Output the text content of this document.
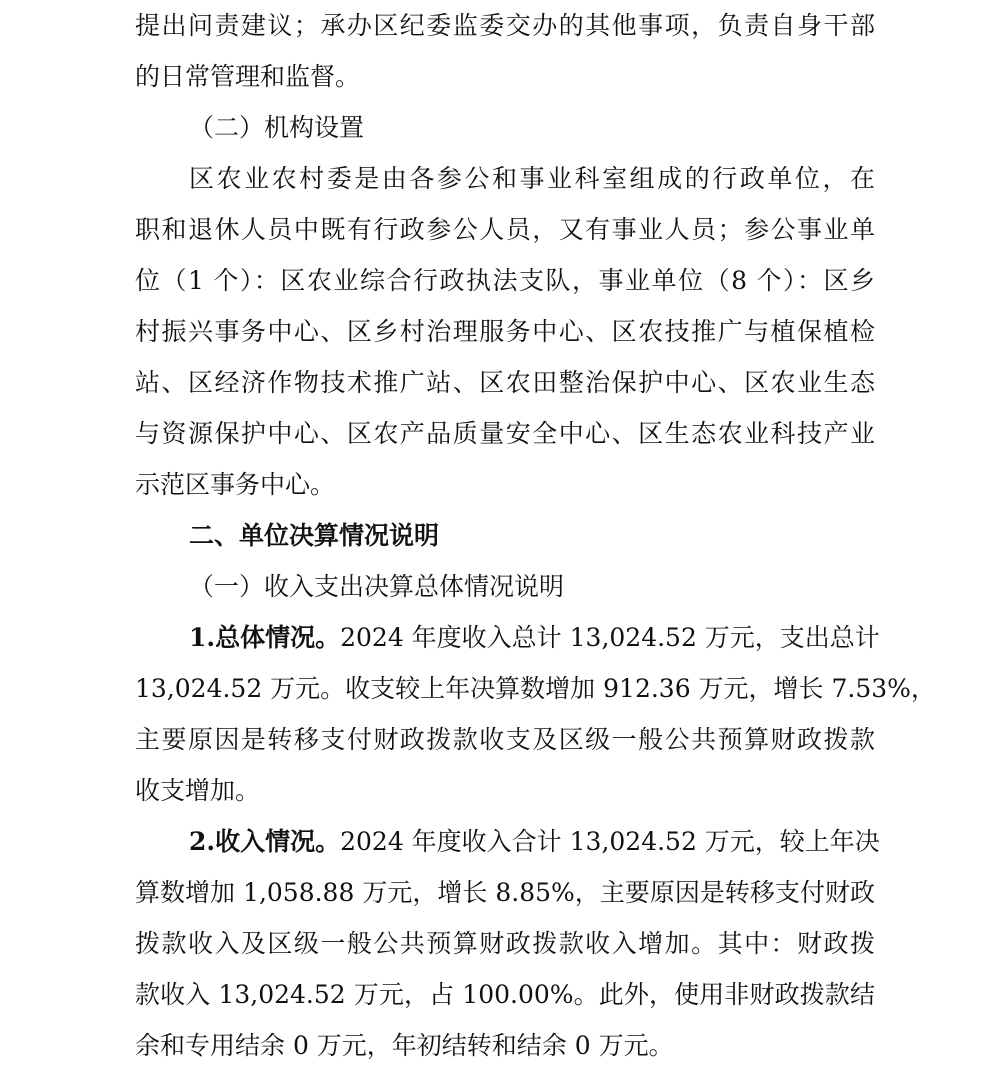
提出问责建议；承办区纪委监委交办的其他事项，负责自身干部
的日常管理和监督。
（二）机构设置
区农业农村委是由各参公和事业科室组成的行政单位，在
职和退休人员中既有行政参公人员，又有事业人员；参公事业单
位（1 个）：区农业综合行政执法支队，事业单位（8 个）：区乡
村振兴事务中心、区乡村治理服务中心、区农技推广与植保植检
站、区经济作物技术推广站、区农田整治保护中心、区农业生态
与资源保护中心、区农产品质量安全中心、区生态农业科技产业
示范区事务中心。
二、单位决算情况说明
（一）收入支出决算总体情况说明
1.总体情况。2024 年度收入总计 13,024.52 万元，支出总计
13,024.52 万元。收支较上年决算数增加 912.36 万元，增长 7.53%，
主要原因是转移支付财政拨款收支及区级一般公共预算财政拨款
收支增加。
2.收入情况。2024 年度收入合计 13,024.52 万元，较上年决
算数增加 1,058.88 万元，增长 8.85%，主要原因是转移支付财政
拨款收入及区级一般公共预算财政拨款收入增加。其中：财政拨
款收入 13,024.52 万元，占 100.00%。此外，使用非财政拨款结
余和专用结余 0 万元，年初结转和结余 0 万元。
